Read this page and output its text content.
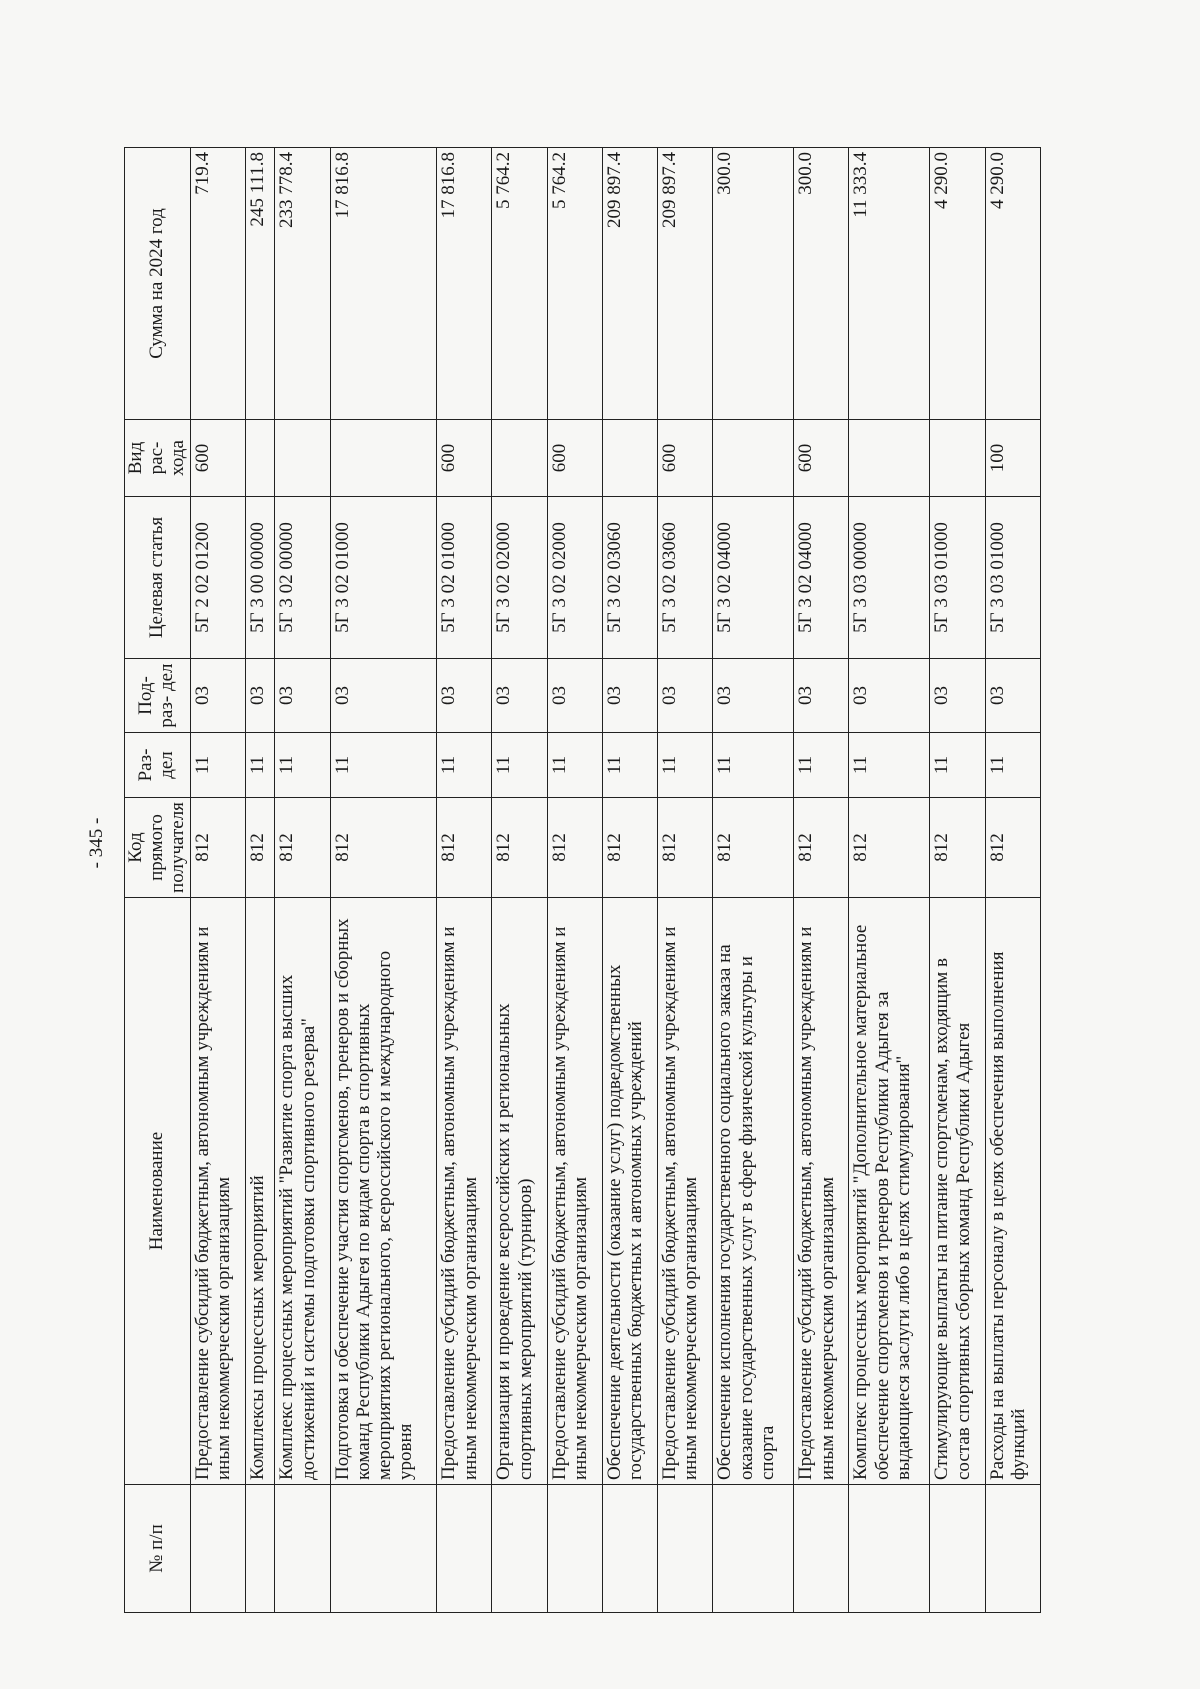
- 345 -
№ п/п	Наименование	Код прямого получателя	Раз- дел	Под- раз- дел	Целевая статья	Вид рас- хода	Сумма на 2024 год
	Предоставление субсидий бюджетным, автономным учреждениям и иным некоммерческим организациям	812	11	03	5Г 2 02 01200	600	719.4
	Комплексы процессных мероприятий	812	11	03	5Г 3 00 00000		245 111.8
	Комплекс процессных мероприятий "Развитие спорта высших достижений и системы подготовки спортивного резерва"	812	11	03	5Г 3 02 00000		233 778.4
	Подготовка и обеспечение участия спортсменов, тренеров и сборных команд Республики Адыгея по видам спорта в спортивных мероприятиях регионального, всероссийского и международного уровня	812	11	03	5Г 3 02 01000		17 816.8
	Предоставление субсидий бюджетным, автономным учреждениям и иным некоммерческим организациям	812	11	03	5Г 3 02 01000	600	17 816.8
	Организация и проведение всероссийских и региональных спортивных мероприятий (турниров)	812	11	03	5Г 3 02 02000		5 764.2
	Предоставление субсидий бюджетным, автономным учреждениям и иным некоммерческим организациям	812	11	03	5Г 3 02 02000	600	5 764.2
	Обеспечение деятельности (оказание услуг) подведомственных государственных бюджетных и автономных учреждений	812	11	03	5Г 3 02 03060		209 897.4
	Предоставление субсидий бюджетным, автономным учреждениям и иным некоммерческим организациям	812	11	03	5Г 3 02 03060	600	209 897.4
	Обеспечение исполнения государственного социального заказа на оказание государственных услуг в сфере физической культуры и спорта	812	11	03	5Г 3 02 04000		300.0
	Предоставление субсидий бюджетным, автономным учреждениям и иным некоммерческим организациям	812	11	03	5Г 3 02 04000	600	300.0
	Комплекс процессных мероприятий "Дополнительное материальное обеспечение спортсменов и тренеров Республики Адыгея за выдающиеся заслуги либо в целях стимулирования"	812	11	03	5Г 3 03 00000		11 333.4
	Стимулирующие выплаты на питание спортсменам, входящим в состав спортивных сборных команд Республики Адыгея	812	11	03	5Г 3 03 01000		4 290.0
	Расходы на выплаты персоналу в целях обеспечения выполнения функций	812	11	03	5Г 3 03 01000	100	4 290.0
